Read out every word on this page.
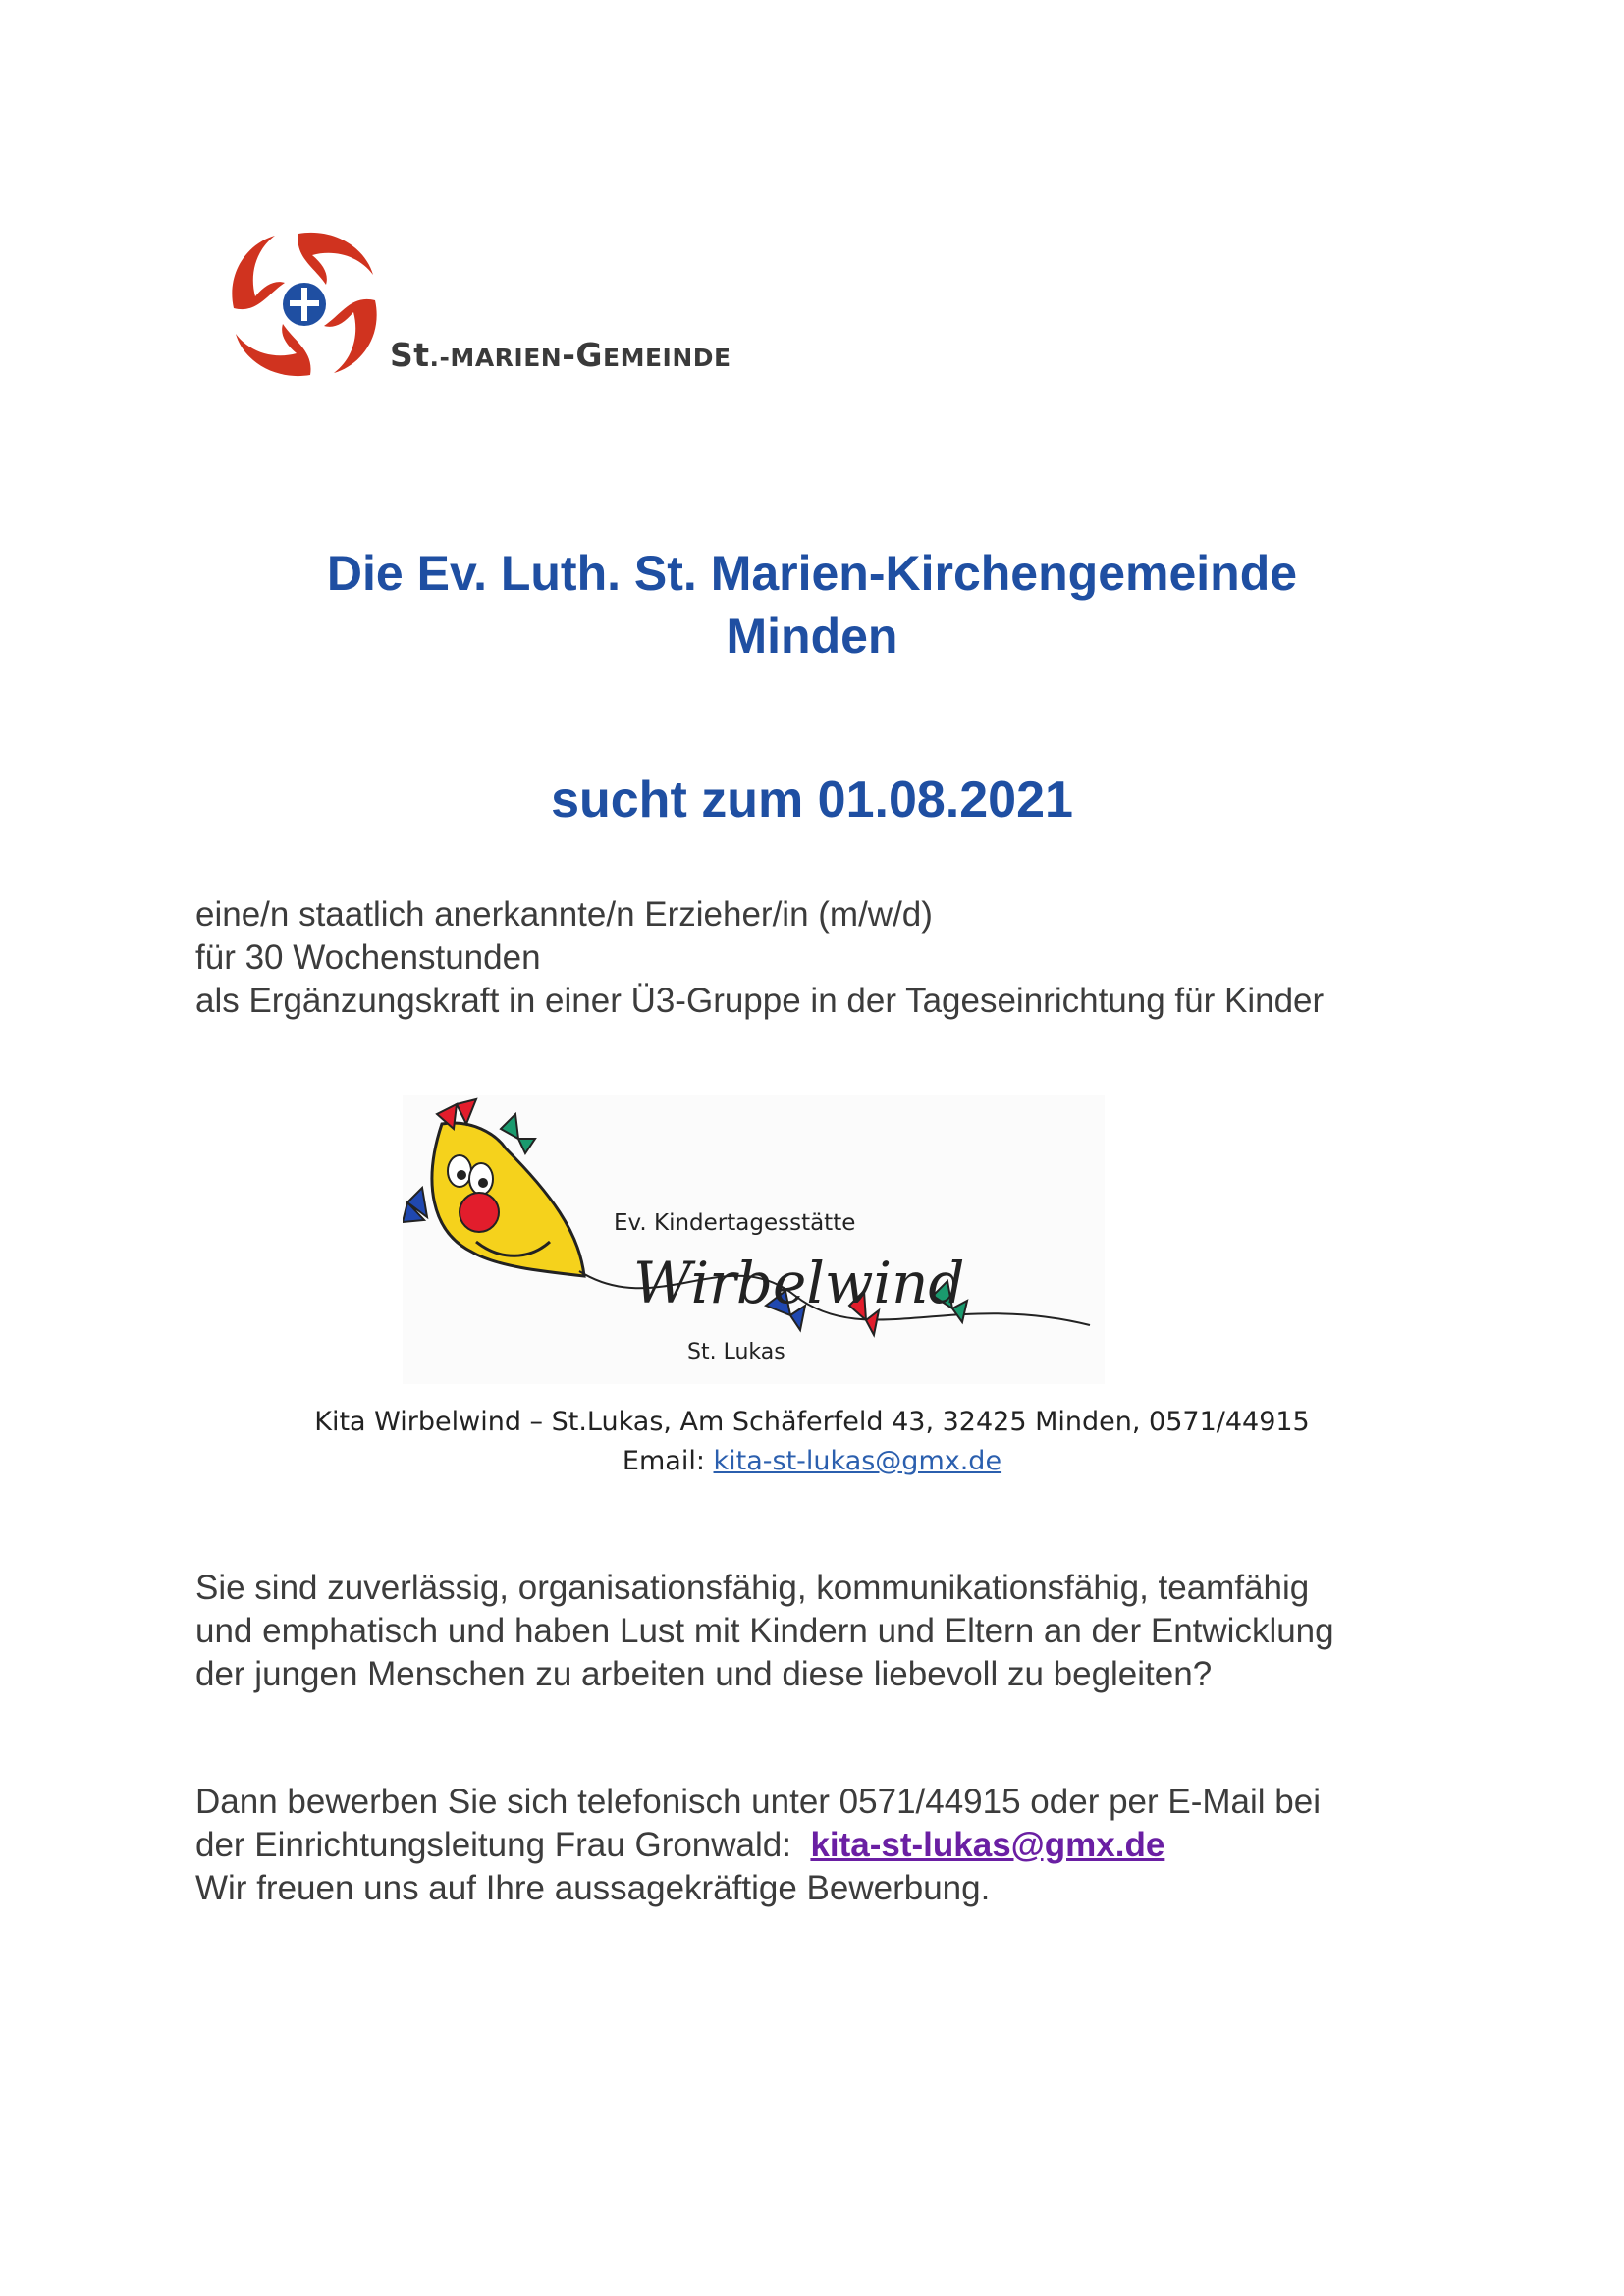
St.-MARIEN-GEMEINDE
Die Ev. Luth. St. Marien-Kirchengemeinde
Minden
sucht zum 01.08.2021
eine/n staatlich anerkannte/n Erzieher/in (m/w/d)
für 30 Wochenstunden
als Ergänzungskraft in einer Ü3-Gruppe in der Tageseinrichtung für Kinder
Wirbelwind
Ev. Kindertagesstätte
St. Lukas
Kita Wirbelwind – St.Lukas, Am Schäferfeld 43, 32425 Minden, 0571/44915
Email: kita-st-lukas@gmx.de
Sie sind zuverlässig, organisationsfähig, kommunikationsfähig, teamfähig
und emphatisch und haben Lust mit Kindern und Eltern an der Entwicklung
der jungen Menschen zu arbeiten und diese liebevoll zu begleiten?
Dann bewerben Sie sich telefonisch unter 0571/44915 oder per E-Mail bei
der Einrichtungsleitung Frau Gronwald:  kita-st-lukas@gmx.de
Wir freuen uns auf Ihre aussagekräftige Bewerbung.
